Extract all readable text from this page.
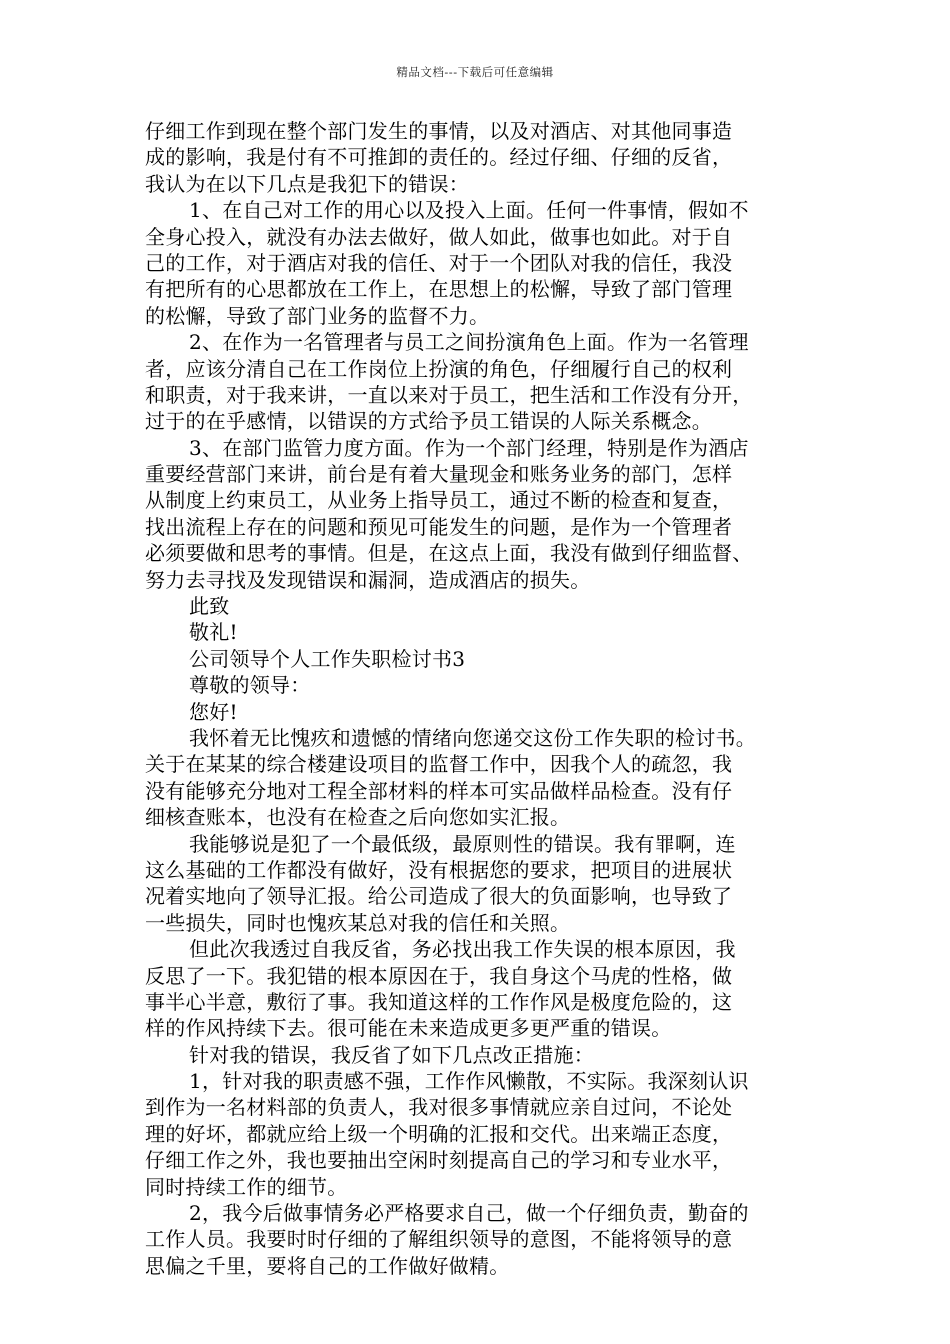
精品文档---下载后可任意编辑
仔细工作到现在整个部门发生的事情，以及对酒店、对其他同事造
成的影响，我是付有不可推卸的责任的。经过仔细、仔细的反省，
我认为在以下几点是我犯下的错误：
1、在自己对工作的用心以及投入上面。任何一件事情，假如不
全身心投入，就没有办法去做好，做人如此，做事也如此。对于自
己的工作，对于酒店对我的信任、对于一个团队对我的信任，我没
有把所有的心思都放在工作上，在思想上的松懈，导致了部门管理
的松懈，导致了部门业务的监督不力。
2、在作为一名管理者与员工之间扮演角色上面。作为一名管理
者，应该分清自己在工作岗位上扮演的角色，仔细履行自己的权利
和职责，对于我来讲，一直以来对于员工，把生活和工作没有分开，
过于的在乎感情，以错误的方式给予员工错误的人际关系概念。
3、在部门监管力度方面。作为一个部门经理，特别是作为酒店
重要经营部门来讲，前台是有着大量现金和账务业务的部门，怎样
从制度上约束员工，从业务上指导员工，通过不断的检查和复查，
找出流程上存在的问题和预见可能发生的问题，是作为一个管理者
必须要做和思考的事情。但是，在这点上面，我没有做到仔细监督、
努力去寻找及发现错误和漏洞，造成酒店的损失。
此致
敬礼!
公司领导个人工作失职检讨书3
尊敬的领导：
您好!
我怀着无比愧疚和遗憾的情绪向您递交这份工作失职的检讨书。
关于在某某的综合楼建设项目的监督工作中，因我个人的疏忽，我
没有能够充分地对工程全部材料的样本可实品做样品检查。没有仔
细核查账本，也没有在检查之后向您如实汇报。
我能够说是犯了一个最低级，最原则性的错误。我有罪啊，连
这么基础的工作都没有做好，没有根据您的要求，把项目的进展状
况着实地向了领导汇报。给公司造成了很大的负面影响，也导致了
一些损失，同时也愧疚某总对我的信任和关照。
但此次我透过自我反省，务必找出我工作失误的根本原因，我
反思了一下。我犯错的根本原因在于，我自身这个马虎的性格，做
事半心半意，敷衍了事。我知道这样的工作作风是极度危险的，这
样的作风持续下去。很可能在未来造成更多更严重的错误。
针对我的错误，我反省了如下几点改正措施：
1，针对我的职责感不强，工作作风懒散，不实际。我深刻认识
到作为一名材料部的负责人，我对很多事情就应亲自过问，不论处
理的好坏，都就应给上级一个明确的汇报和交代。出来端正态度，
仔细工作之外，我也要抽出空闲时刻提高自己的学习和专业水平，
同时持续工作的细节。
2，我今后做事情务必严格要求自己，做一个仔细负责，勤奋的
工作人员。我要时时仔细的了解组织领导的意图，不能将领导的意
思偏之千里，要将自己的工作做好做精。
